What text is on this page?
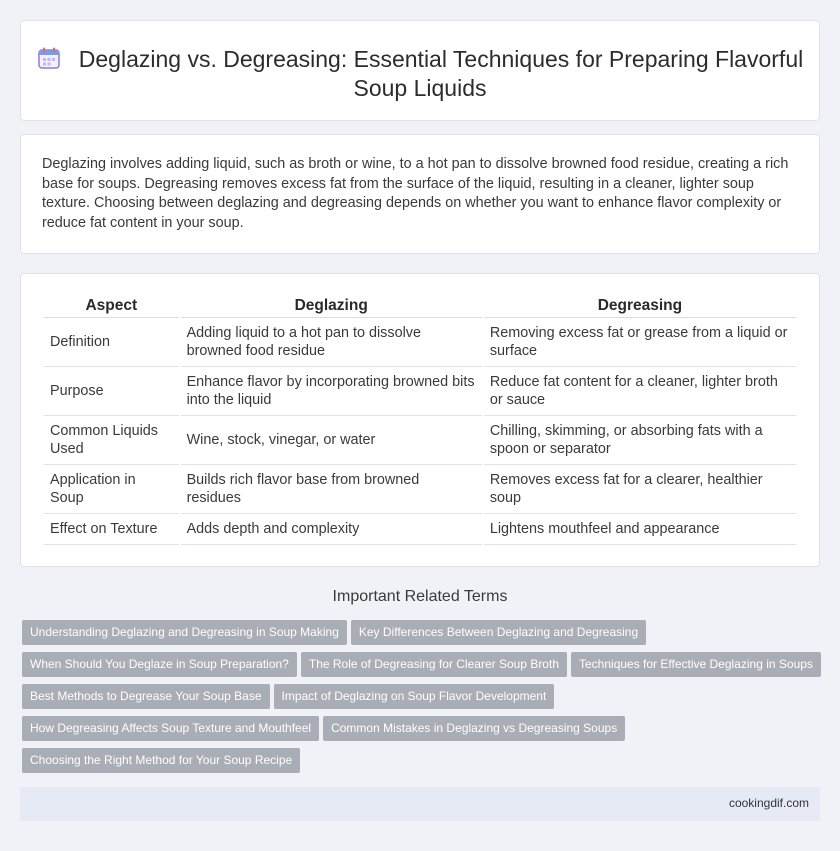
Deglazing vs. Degreasing: Essential Techniques for Preparing Flavorful Soup Liquids

Deglazing involves adding liquid, such as broth or wine, to a hot pan to dissolve browned food residue, creating a rich base for soups. Degreasing removes excess fat from the surface of the liquid, resulting in a cleaner, lighter soup texture. Choosing between deglazing and degreasing depends on whether you want to enhance flavor complexity or reduce fat content in your soup.

Aspect	Deglazing	Degreasing
Definition	Adding liquid to a hot pan to dissolve browned food residue	Removing excess fat or grease from a liquid or surface
Purpose	Enhance flavor by incorporating browned bits into the liquid	Reduce fat content for a cleaner, lighter broth or sauce
Common Liquids Used	Wine, stock, vinegar, or water	Chilling, skimming, or absorbing fats with a spoon or separator
Application in Soup	Builds rich flavor base from browned residues	Removes excess fat for a clearer, healthier soup
Effect on Texture	Adds depth and complexity	Lightens mouthfeel and appearance
Important Related Terms
Understanding Deglazing and Degreasing in Soup Making Key Differences Between Deglazing and Degreasing
When Should You Deglaze in Soup Preparation? The Role of Degreasing for Clearer Soup Broth Techniques for Effective Deglazing in Soups
Best Methods to Degrease Your Soup Base Impact of Deglazing on Soup Flavor Development
How Degreasing Affects Soup Texture and Mouthfeel Common Mistakes in Deglazing vs Degreasing Soups
Choosing the Right Method for Your Soup Recipe
cookingdif.com
